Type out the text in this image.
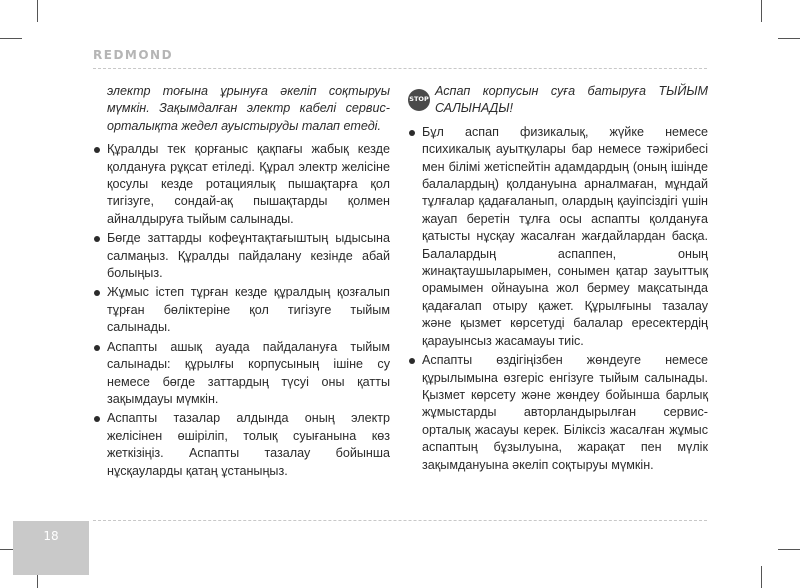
REDMOND

электр тоғына ұрынуға әкеліп соқтыруы мүмкін. Зақымдалған электр кабелі сервис-орталықта жедел ауыстыруды талап етеді.

Құралды тек қорғаныс қақпағы жабық кезде қолдануға рұқсат етіледі. Құрал электр желісіне қосулы кезде ротациялық пышақтарға қол тигізуге, сондай-ақ пышақтарды қолмен айналдыруға тыйым салынады.
Бөгде заттарды кофеұнтақтағыштың ыдысына салмаңыз. Құралды пайдалану кезінде абай болыңыз.
Жұмыс істеп тұрған кезде құралдың қозғалып тұрған бөліктеріне қол тигізуге тыйым салынады.
Аспапты ашық ауада пайдалануға тыйым салынады: құрылғы корпусының ішіне су немесе бөгде заттардың түсуі оны қатты зақымдауы мүмкін.
Аспапты тазалар алдында оның электр желісінен өшіріліп, толық суығанына көз жеткізіңіз. Аспапты тазалау бойынша нұсқауларды қатаң ұстаныңыз.
STOP
Аспап корпусын суға батыруға ТЫЙЫМ САЛЫНАДЫ!
Бұл аспап физикалық, жүйке немесе психикалық ауытқулары бар немесе тәжірибесі мен білімі жетіспейтін адамдардың (оның ішінде балалардың) қолдануына арналмаған, мұндай тұлғалар қадағаланып, олардың қауіпсіздігі үшін жауап беретін тұлға осы аспапты қолдануға қатысты нұсқау жасалған жағдайлардан басқа. Балалардың аспаппен, оның жинақтаушыларымен, сонымен қатар зауыттық орамымен ойнауына жол бермеу мақсатында қадағалап отыру қажет. Құрылғыны тазалау және қызмет көрсетуді балалар ересектердің қарауынсыз жасамауы тиіс.
Аспапты өздігіңізбен жөндеуге немесе құрылымына өзгеріс енгізуге тыйым салынады. Қызмет көрсету және жөндеу бойынша барлық жұмыстарды авторландырылған сервис-орталық жасауы керек. Біліксіз жасалған жұмыс аспаптың бұзылуына, жарақат пен мүлік зақымдануына әкеліп соқтыруы мүмкін.
18
